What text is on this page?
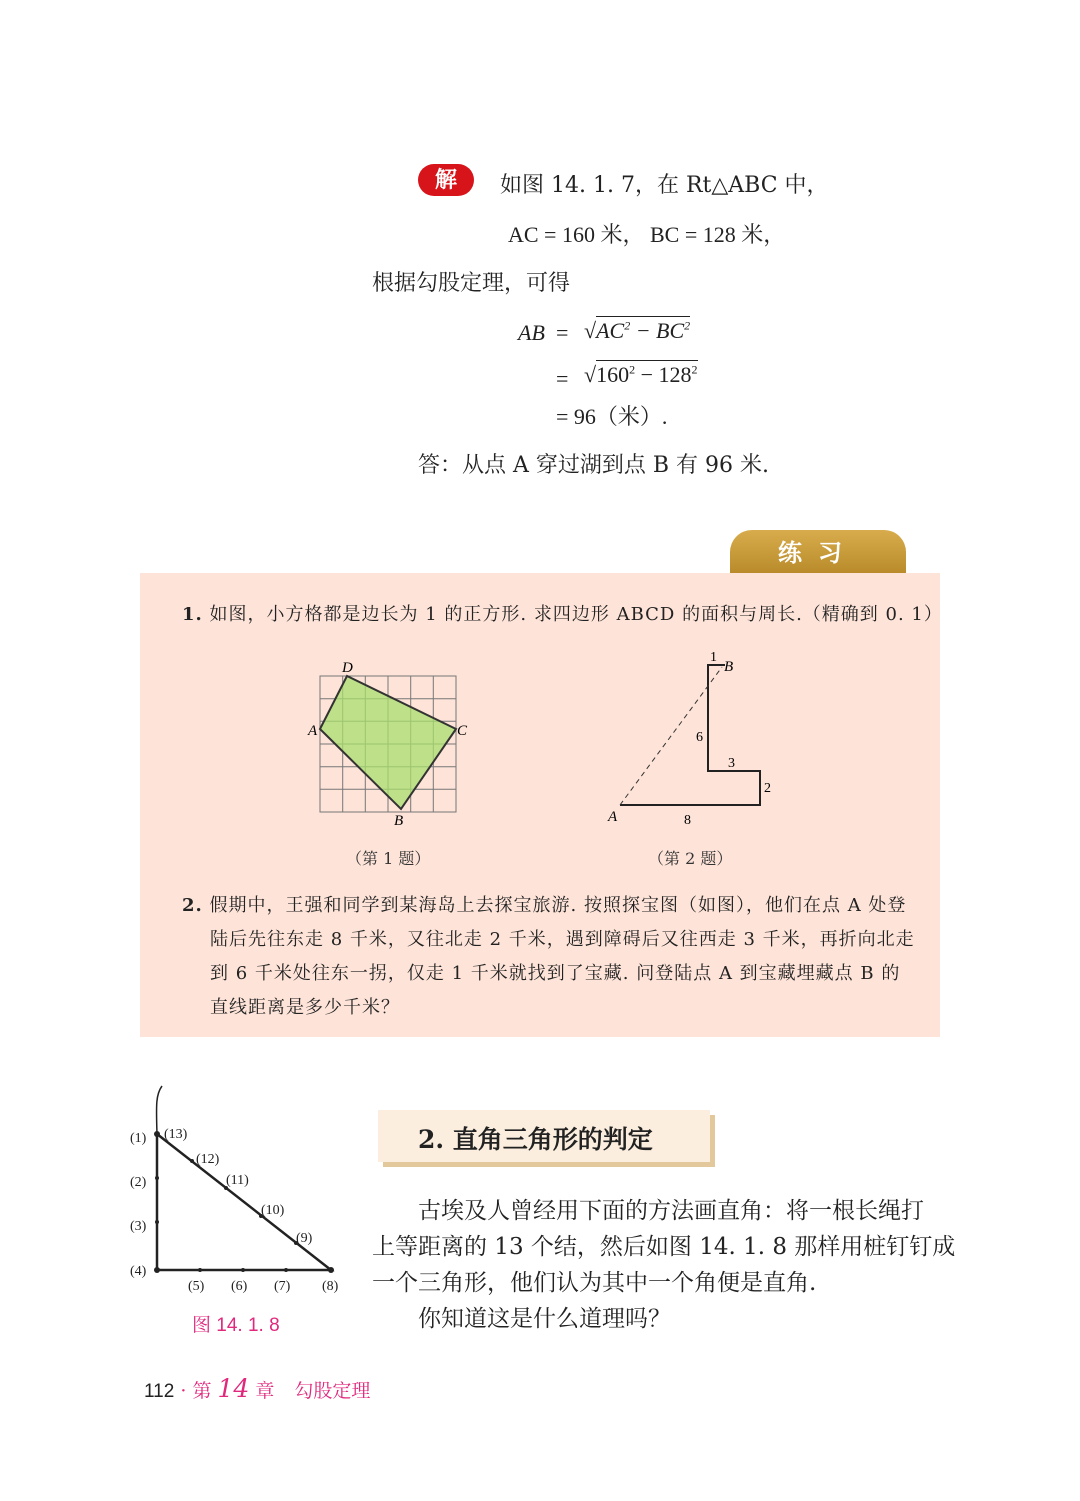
解	如图 14. 1. 7，在 Rt△ABC 中，
AC = 160 米， BC = 128 米，
根据勾股定理，可得
AB = $√AC^2 - BC^2$
= $√160^2 - 128^2$
= 96（米）.
答：从点 A 穿过湖到点 B 有 96 米.
练习
1. 如图，小方格都是边长为 1 的正方形. 求四边形 ABCD 的面积与周长.（精确到 0. 1）
D
A	C
B
（第 1 题）
1
B
6
3
2
A	8
（第 2 题）
2. 假期中，王强和同学到某海岛上去探宝旅游. 按照探宝图（如图），他们在点 A 处登
陆后先往东走 8 千米，又往北走 2 千米，遇到障碍后又往西走 3 千米，再折向北走
到 6 千米处往东一拐，仅走 1 千米就找到了宝藏. 问登陆点 A 到宝藏埋藏点 B 的
直线距离是多少千米？
(1)
(2)
(3)
(4)
(5) (6) (7) (8)
(9)
(10)
(11)
(12)
(13)
图 14. 1. 8
2. 直角三角形的判定
古埃及人曾经用下面的方法画直角：将一根长绳打
上等距离的 13 个结，然后如图 14. 1. 8 那样用桩钉钉成
一个三角形，他们认为其中一个角便是直角.
你知道这是什么道理吗？
112 · 第 14 章 勾股定理
